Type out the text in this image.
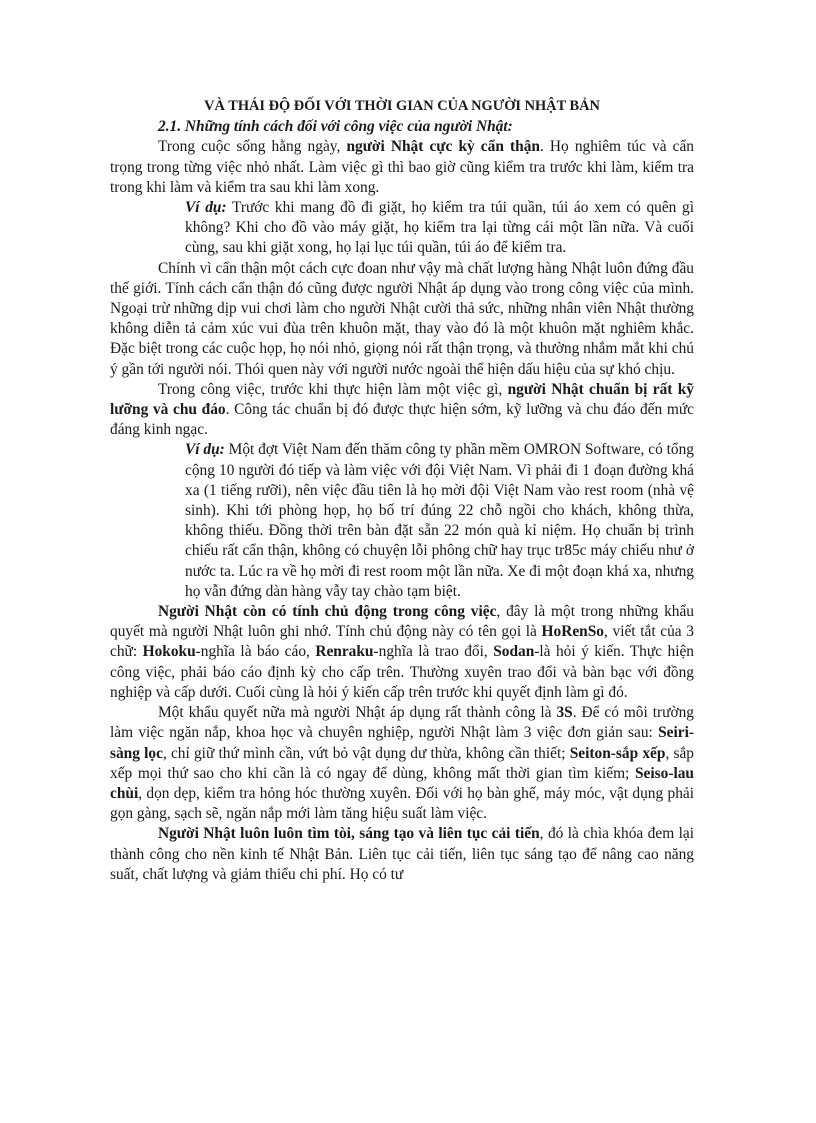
VÀ THÁI ĐỘ ĐỐI VỚI THỜI GIAN CỦA NGƯỜI NHẬT BẢN
2.1. Những tính cách đối với công việc của người Nhật:

Trong cuộc sống hằng ngày, người Nhật cực kỳ cẩn thận. Họ nghiêm túc và cẩn trọng trong từng việc nhỏ nhất. Làm việc gì thì bao giờ cũng kiểm tra trước khi làm, kiểm tra trong khi làm và kiểm tra sau khi làm xong.

Ví dụ: Trước khi mang đồ đi giặt, họ kiểm tra túi quần, túi áo xem có quên gì không? Khi cho đồ vào máy giặt, họ kiểm tra lại từng cái một lần nữa. Và cuối cùng, sau khi giặt xong, họ lại lục túi quần, túi áo để kiểm tra.

Chính vì cẩn thận một cách cực đoan như vậy mà chất lượng hàng Nhật luôn đứng đầu thế giới. Tính cách cẩn thận đó cũng được người Nhật áp dụng vào trong công việc của mình. Ngoại trừ những dịp vui chơi làm cho người Nhật cười thả sức, những nhân viên Nhật thường không diễn tả cảm xúc vui đùa trên khuôn mặt, thay vào đó là một khuôn mặt nghiêm khắc. Đặc biệt trong các cuộc họp, họ nói nhỏ, giọng nói rất thận trọng, và thường nhắm mắt khi chú ý gần tới người nói. Thói quen này với người nước ngoài thể hiện dấu hiệu của sự khó chịu.

Trong công việc, trước khi thực hiện làm một việc gì, người Nhật chuẩn bị rất kỹ lưỡng và chu đáo. Công tác chuẩn bị đó được thực hiện sớm, kỹ lưỡng và chu đáo đến mức đáng kinh ngạc.

Ví dụ: Một đợt Việt Nam đến thăm công ty phần mềm OMRON Software, có tổng cộng 10 người đó tiếp và làm việc với đội Việt Nam. Vì phải đi 1 đoạn đường khá xa (1 tiếng rưỡi), nên việc đầu tiên là họ mời đội Việt Nam vào rest room (nhà vệ sinh). Khi tới phòng họp, họ bố trí đúng 22 chỗ ngồi cho khách, không thừa, không thiếu. Đồng thời trên bàn đặt sẵn 22 món quà kỉ niệm. Họ chuẩn bị trình chiếu rất cẩn thận, không có chuyện lỗi phông chữ hay trục tr85c máy chiếu như ở nước ta. Lúc ra về họ mời đi rest room một lần nữa. Xe đi một đoạn khá xa, nhưng họ vẫn đứng dàn hàng vẫy tay chào tạm biệt.

Người Nhật còn có tính chủ động trong công việc, đây là một trong những khẩu quyết mà người Nhật luôn ghi nhớ. Tính chủ động này có tên gọi là HoRenSo, viết tắt của 3 chữ: Hokoku-nghĩa là báo cáo, Renraku-nghĩa là trao đổi, Sodan-là hỏi ý kiến. Thực hiện công việc, phải báo cáo định kỳ cho cấp trên. Thường xuyên trao đổi và bàn bạc với đồng nghiệp và cấp dưới. Cuối cùng là hỏi ý kiến cấp trên trước khi quyết định làm gì đó.

Một khẩu quyết nữa mà người Nhật áp dụng rất thành công là 3S. Để có môi trường làm việc ngăn nắp, khoa học và chuyên nghiệp, người Nhật làm 3 việc đơn giản sau: Seiri-sàng lọc, chỉ giữ thứ mình cần, vứt bỏ vật dụng dư thừa, không cần thiết; Seiton-sắp xếp, sắp xếp mọi thứ sao cho khi cần là có ngay để dùng, không mất thời gian tìm kiếm; Seiso-lau chùi, dọn dẹp, kiểm tra hỏng hóc thường xuyên. Đối với họ bàn ghế, máy móc, vật dụng phải gọn gàng, sạch sẽ, ngăn nắp mới làm tăng hiệu suất làm việc.

Người Nhật luôn luôn tìm tòi, sáng tạo và liên tục cải tiến, đó là chìa khóa đem lại thành công cho nền kinh tế Nhật Bản. Liên tục cải tiến, liên tục sáng tạo để nâng cao năng suất, chất lượng và giảm thiểu chi phí. Họ có tư
